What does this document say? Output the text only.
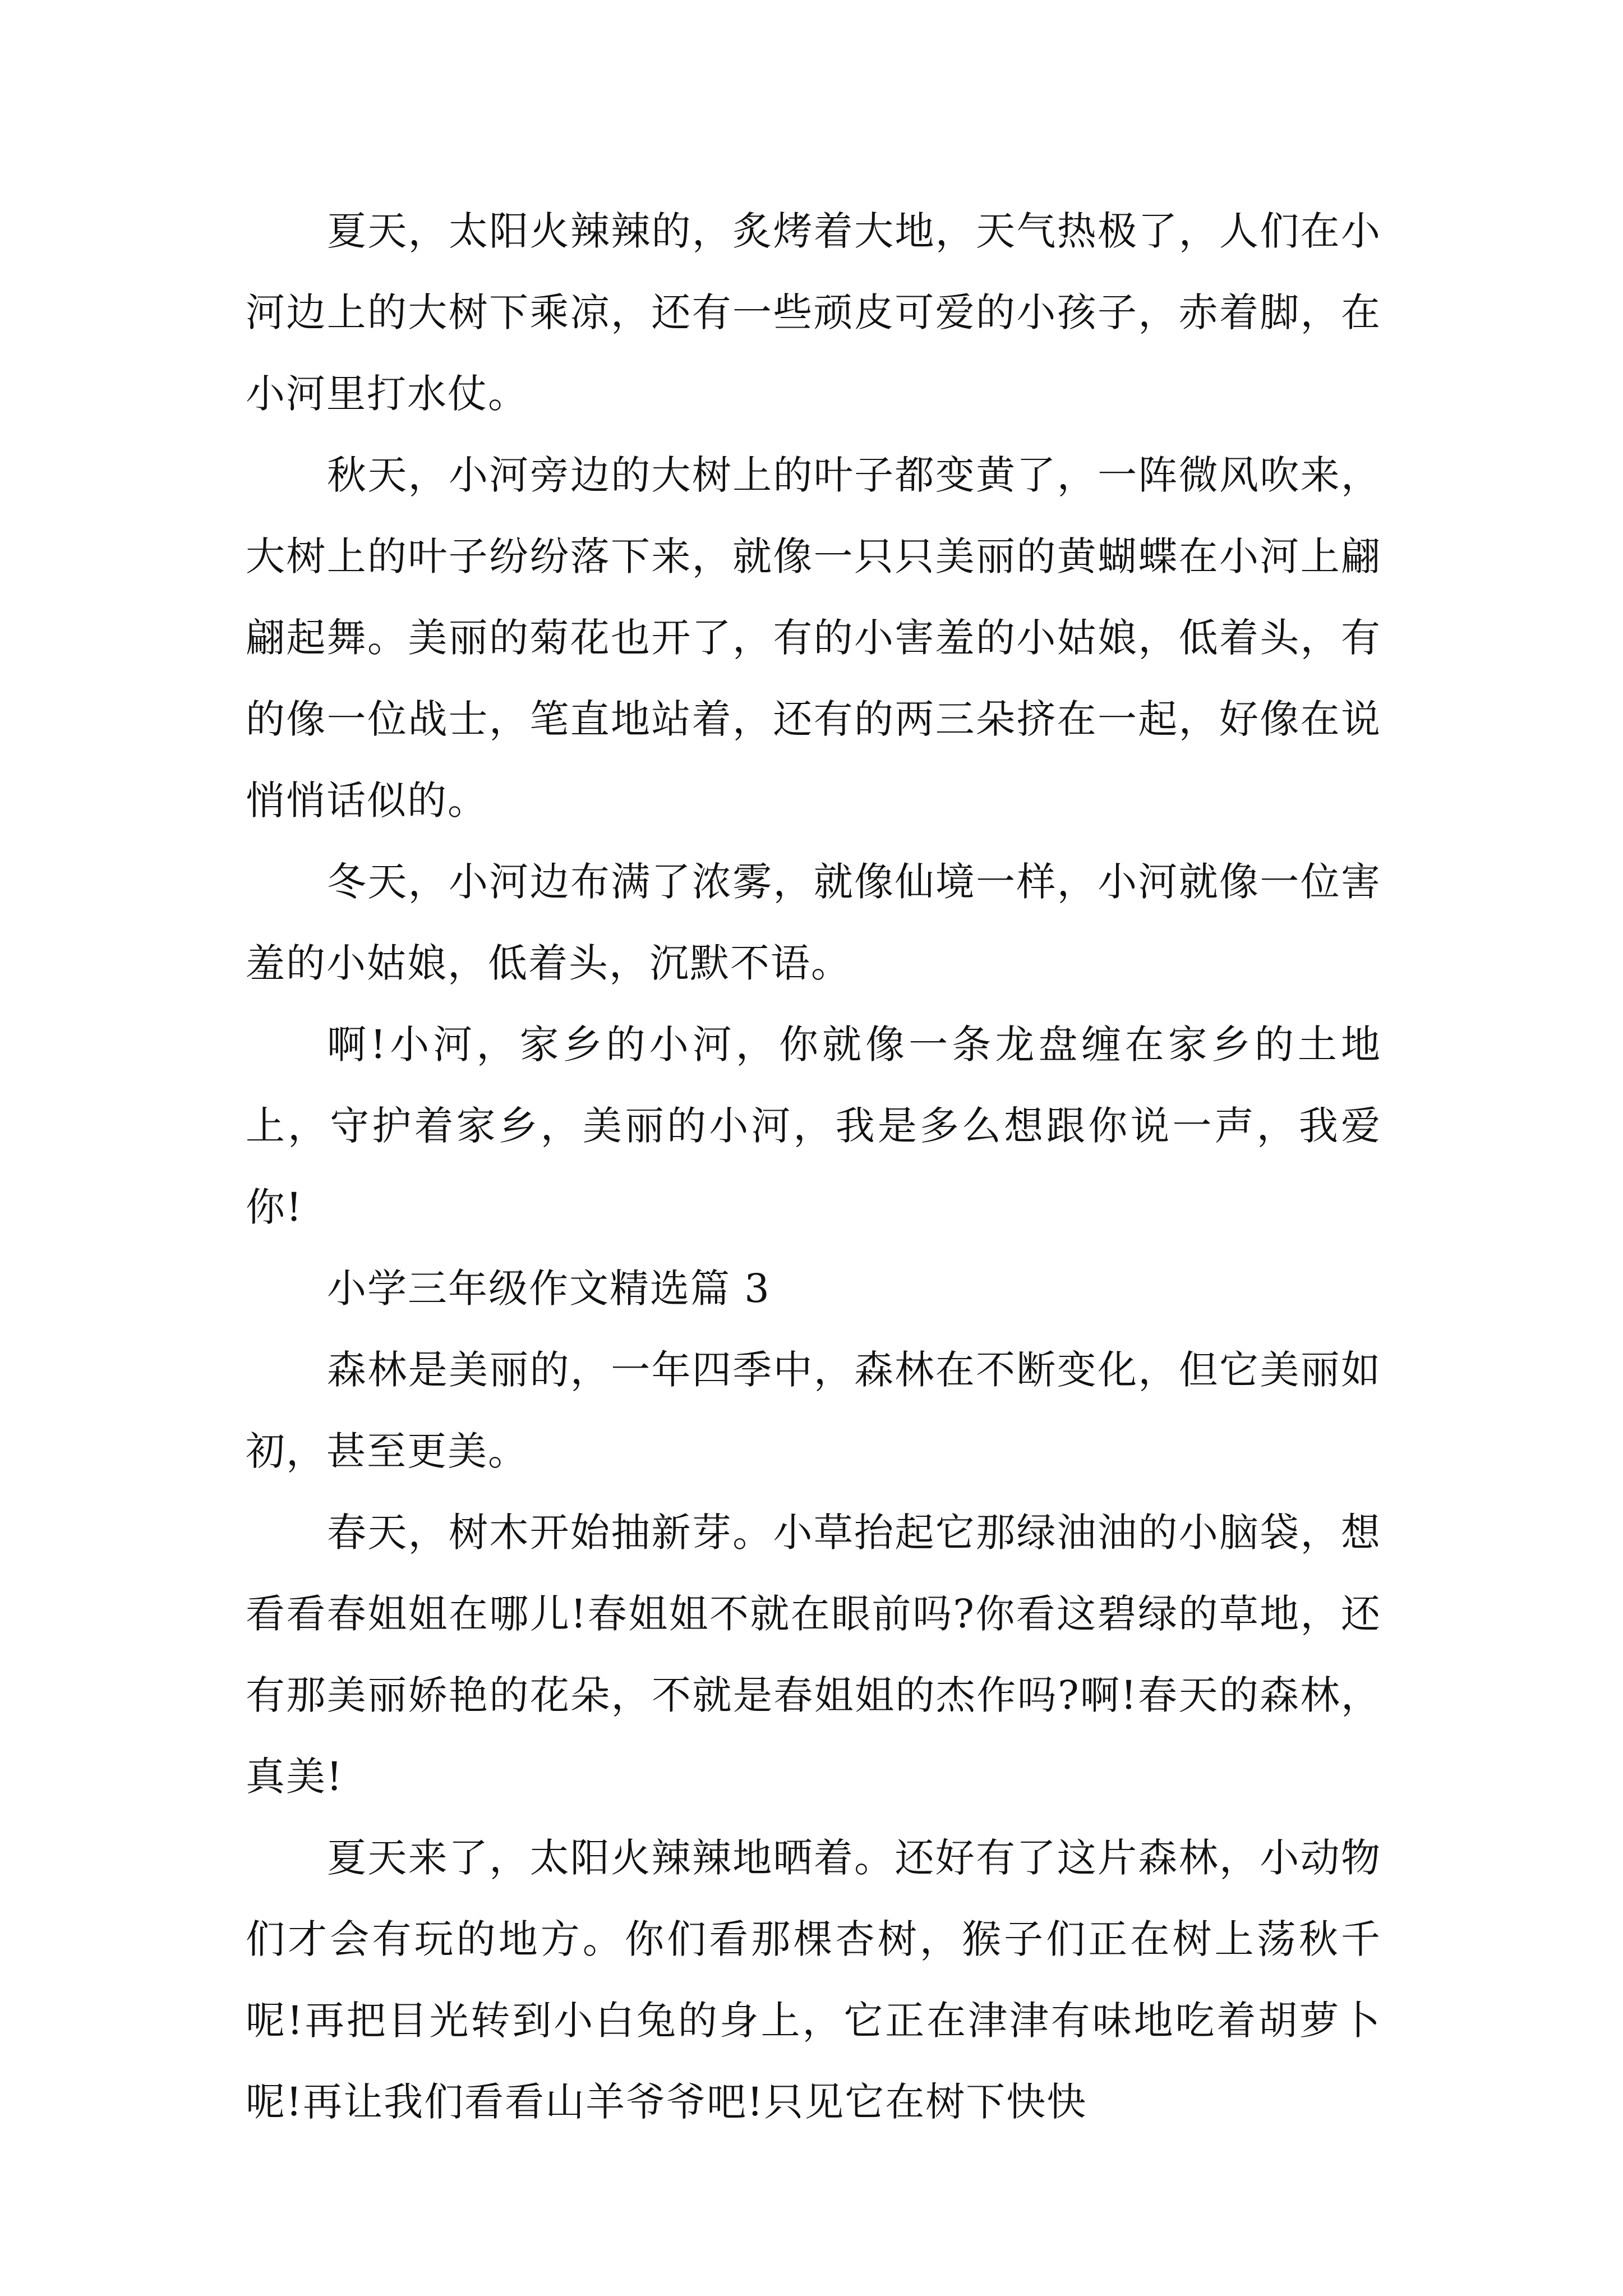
夏天，太阳火辣辣的，炙烤着大地，天气热极了，人们在小河边上的大树下乘凉，还有一些顽皮可爱的小孩子，赤着脚，在小河里打水仗。

秋天，小河旁边的大树上的叶子都变黄了，一阵微风吹来，大树上的叶子纷纷落下来，就像一只只美丽的黄蝴蝶在小河上翩翩起舞。美丽的菊花也开了，有的小害羞的小姑娘，低着头，有的像一位战士，笔直地站着，还有的两三朵挤在一起，好像在说悄悄话似的。

冬天，小河边布满了浓雾，就像仙境一样，小河就像一位害羞的小姑娘，低着头，沉默不语。

啊!小河，家乡的小河，你就像一条龙盘缠在家乡的土地上，守护着家乡，美丽的小河，我是多么想跟你说一声，我爱你!

小学三年级作文精选篇 3

森林是美丽的，一年四季中，森林在不断变化，但它美丽如初，甚至更美。

春天，树木开始抽新芽。小草抬起它那绿油油的小脑袋，想看看春姐姐在哪儿!春姐姐不就在眼前吗?你看这碧绿的草地，还有那美丽娇艳的花朵，不就是春姐姐的杰作吗?啊!春天的森林，真美!

夏天来了，太阳火辣辣地晒着。还好有了这片森林，小动物们才会有玩的地方。你们看那棵杏树，猴子们正在树上荡秋千呢!再把目光转到小白兔的身上，它正在津津有味地吃着胡萝卜呢!再让我们看看山羊爷爷吧!只见它在树下快快
